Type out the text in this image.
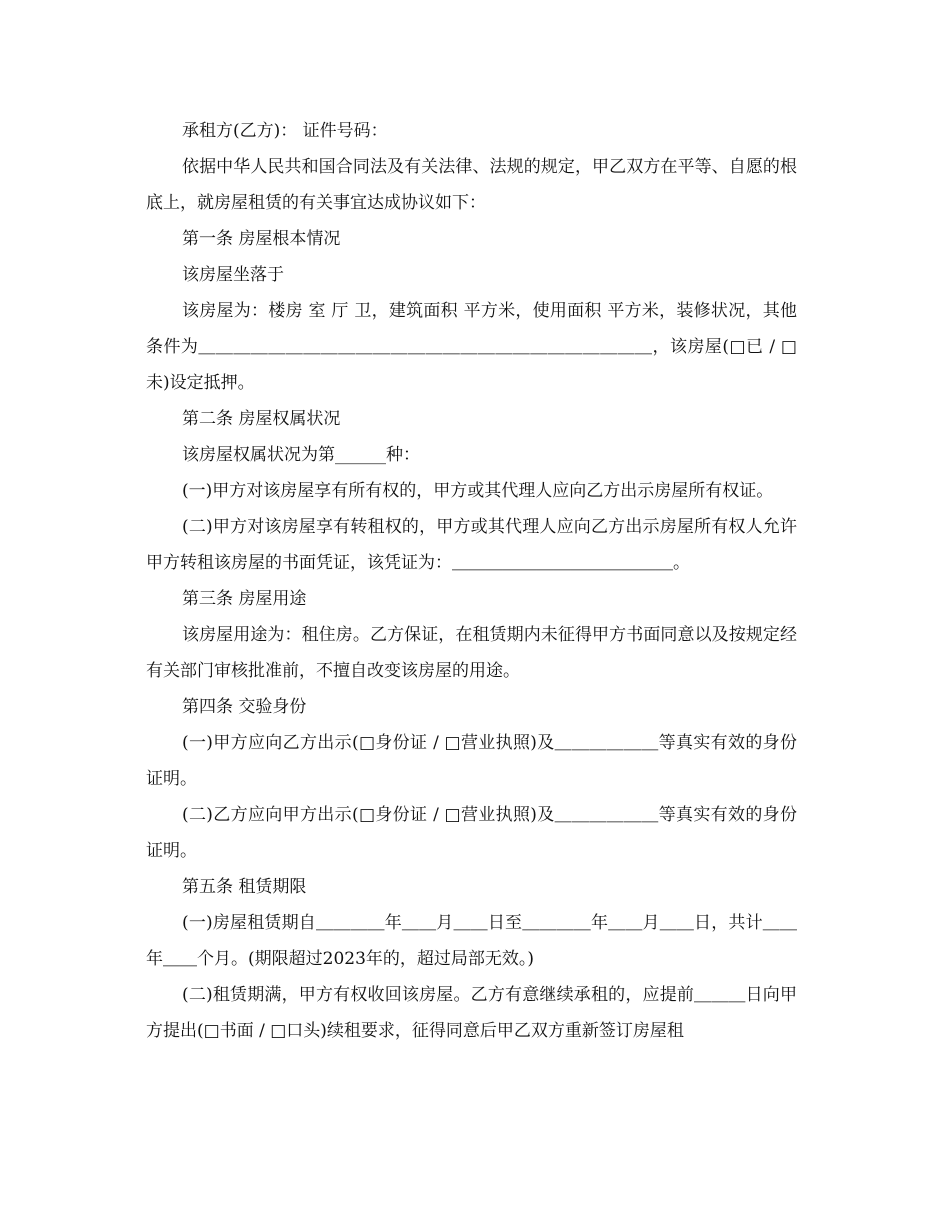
承租方(乙方)： 证件号码：

依据中华人民共和国合同法及有关法律、法规的规定，甲乙双方在平等、自愿的根底上，就房屋租赁的有关事宜达成协议如下：

第一条 房屋根本情况

该房屋坐落于

该房屋为：楼房 室 厅 卫，建筑面积 平方米，使用面积 平方米，装修状况，其他条件为＿＿＿＿＿＿＿＿＿＿＿＿＿＿＿＿＿＿＿＿＿＿＿＿＿＿，该房屋(□已 / □未)设定抵押。

第二条 房屋权属状况

该房屋权属状况为第______种：

(一)甲方对该房屋享有所有权的，甲方或其代理人应向乙方出示房屋所有权证。

(二)甲方对该房屋享有转租权的，甲方或其代理人应向乙方出示房屋所有权人允许甲方转租该房屋的书面凭证，该凭证为：＿＿＿＿＿＿＿＿＿＿＿＿＿。

第三条 房屋用途

该房屋用途为：租住房。乙方保证，在租赁期内未征得甲方书面同意以及按规定经有关部门审核批准前，不擅自改变该房屋的用途。

第四条 交验身份

(一)甲方应向乙方出示(□身份证 / □营业执照)及＿＿＿＿＿＿等真实有效的身份证明。

(二)乙方应向甲方出示(□身份证 / □营业执照)及＿＿＿＿＿＿等真实有效的身份证明。

第五条 租赁期限

(一)房屋租赁期自＿＿＿＿年＿＿月＿＿日至＿＿＿＿年＿＿月＿＿日，共计＿＿年＿＿个月。(期限超过2023年的，超过局部无效。)

(二)租赁期满，甲方有权收回该房屋。乙方有意继续承租的，应提前＿＿＿日向甲方提出(□书面 / □口头)续租要求，征得同意后甲乙双方重新签订房屋租
